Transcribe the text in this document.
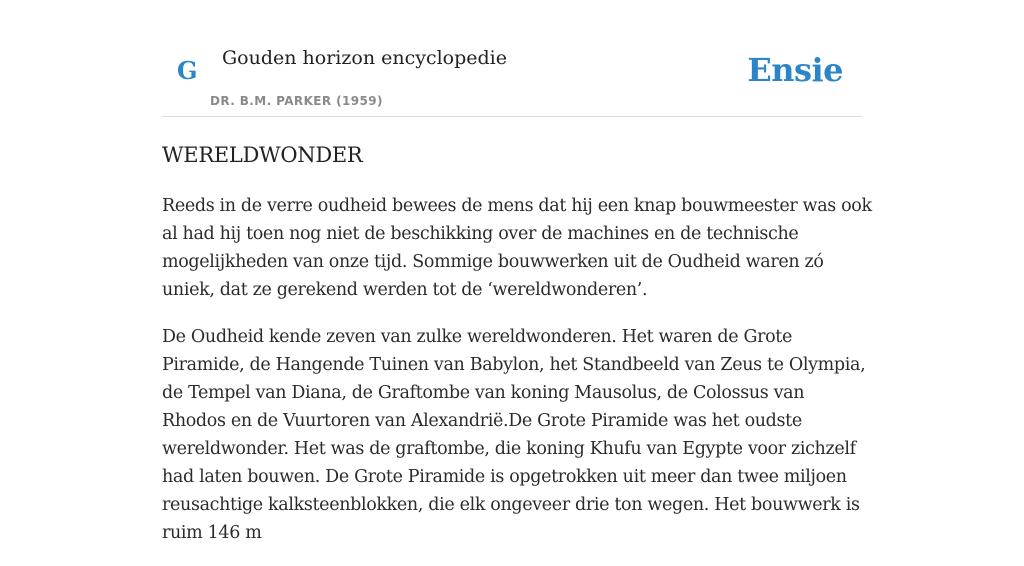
G Gouden horizon encyclopedie
DR. B.M. PARKER (1959)
Ensie
WERELDWONDER

Reeds in de verre oudheid bewees de mens dat hij een knap bouwmeester was ook al had hij toen nog niet de beschikking over de machines en de technische mogelijkheden van onze tijd. Sommige bouwwerken uit de Oudheid waren zó uniek, dat ze gerekend werden tot de ‘wereldwonderen’.

De Oudheid kende zeven van zulke wereldwonderen. Het waren de Grote Piramide, de Hangende Tuinen van Babylon, het Standbeeld van Zeus te Olympia, de Tempel van Diana, de Graftombe van koning Mausolus, de Colossus van Rhodos en de Vuurtoren van Alexandrië.De Grote Piramide was het oudste wereldwonder. Het was de graftombe, die koning Khufu van Egypte voor zichzelf had laten bouwen. De Grote Piramide is opgetrokken uit meer dan twee miljoen reusachtige kalksteenblokken, die elk ongeveer drie ton wegen. Het bouwwerk is ruim 146 m
